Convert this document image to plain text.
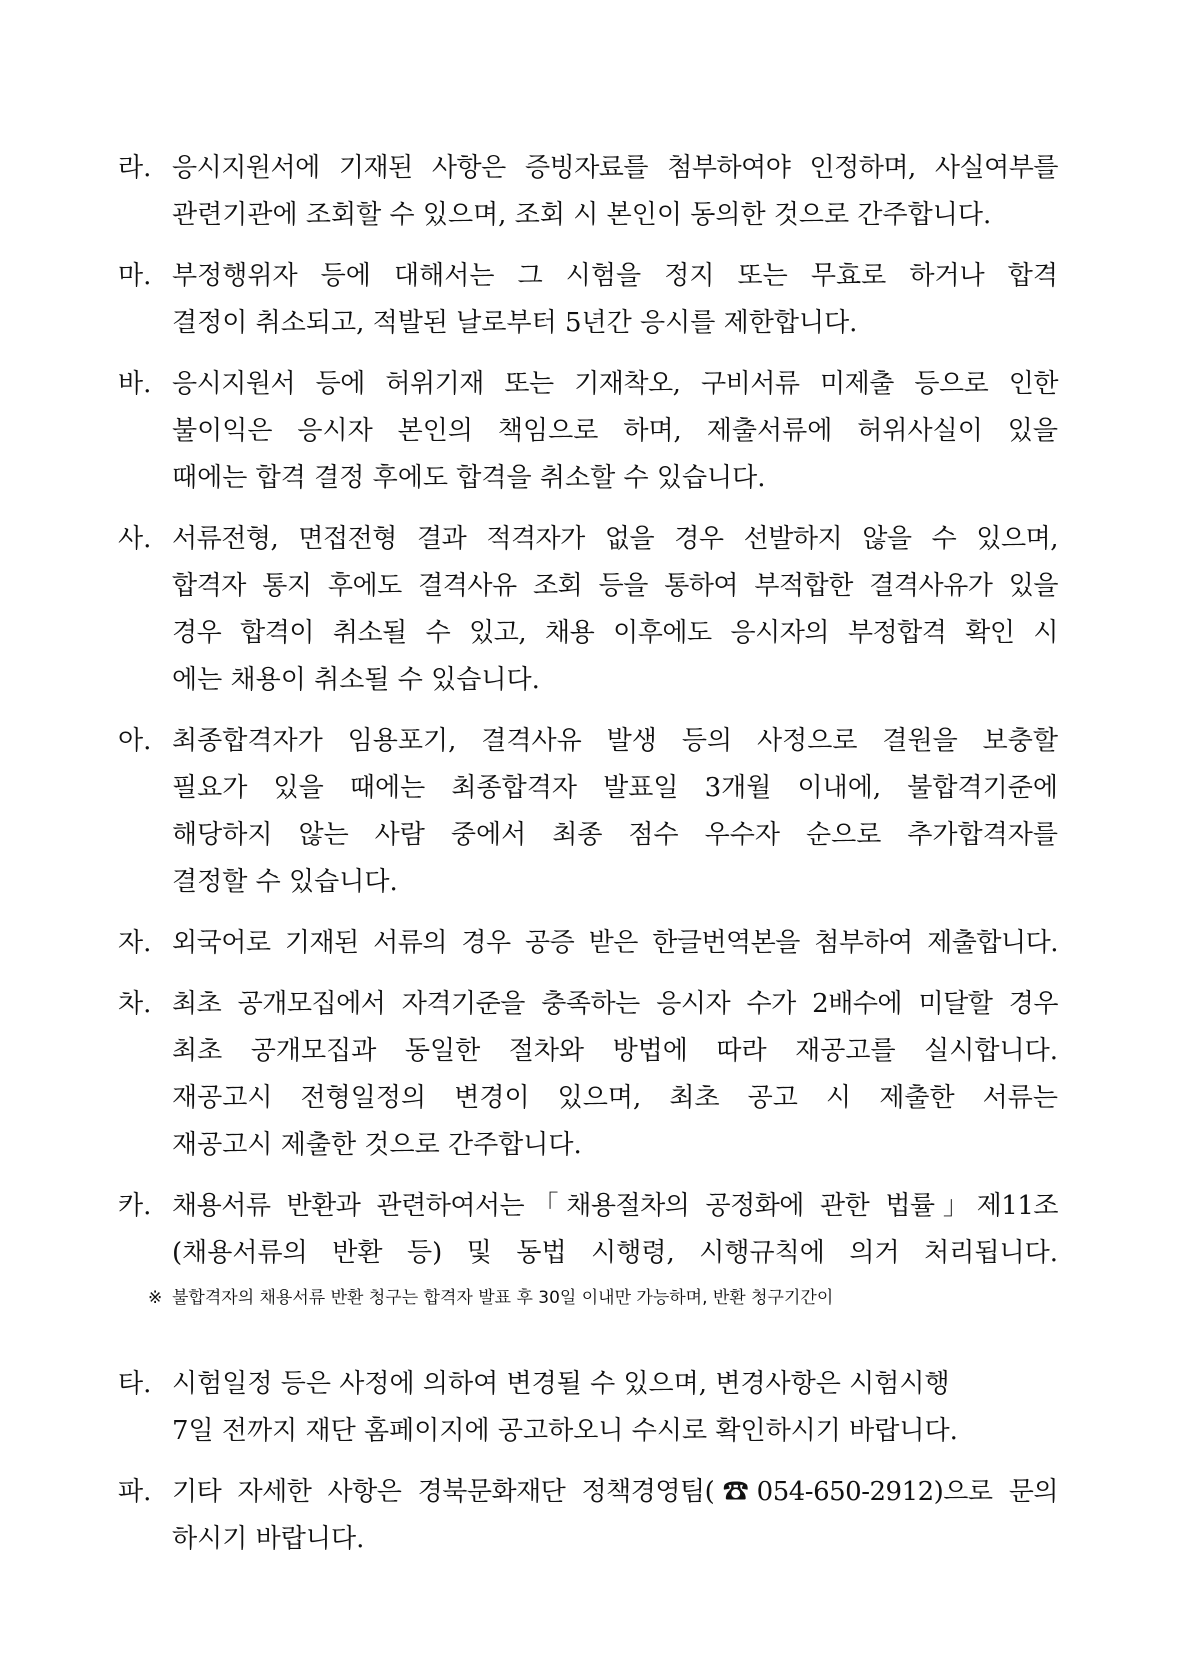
라. 응시지원서에 기재된 사항은 증빙자료를 첨부하여야 인정하며, 사실여부를
관련기관에 조회할 수 있으며, 조회 시 본인이 동의한 것으로 간주합니다.
마. 부정행위자 등에 대해서는 그 시험을 정지 또는 무효로 하거나 합격
결정이 취소되고, 적발된 날로부터 5년간 응시를 제한합니다.
바. 응시지원서 등에 허위기재 또는 기재착오, 구비서류 미제출 등으로 인한
불이익은 응시자 본인의 책임으로 하며, 제출서류에 허위사실이 있을
때에는 합격 결정 후에도 합격을 취소할 수 있습니다.
사. 서류전형, 면접전형 결과 적격자가 없을 경우 선발하지 않을 수 있으며,
합격자 통지 후에도 결격사유 조회 등을 통하여 부적합한 결격사유가 있을
경우 합격이 취소될 수 있고, 채용 이후에도 응시자의 부정합격 확인 시
에는 채용이 취소될 수 있습니다.
아. 최종합격자가 임용포기, 결격사유 발생 등의 사정으로 결원을 보충할
필요가 있을 때에는 최종합격자 발표일 3개월 이내에, 불합격기준에
해당하지 않는 사람 중에서 최종 점수 우수자 순으로 추가합격자를
결정할 수 있습니다.
자. 외국어로 기재된 서류의 경우 공증 받은 한글번역본을 첨부하여 제출합니다.
차. 최초 공개모집에서 자격기준을 충족하는 응시자 수가 2배수에 미달할 경우
최초 공개모집과 동일한 절차와 방법에 따라 재공고를 실시합니다.
재공고시 전형일정의 변경이 있으며, 최초 공고 시 제출한 서류는
재공고시 제출한 것으로 간주합니다.
카. 채용서류 반환과 관련하여서는「채용절차의 공정화에 관한 법률」제11조
(채용서류의 반환 등) 및 동법 시행령, 시행규칙에 의거 처리됩니다.
※ 불합격자의 채용서류 반환 청구는 합격자 발표 후 30일 이내만 가능하며, 반환 청구기간이
타. 시험일정 등은 사정에 의하여 변경될 수 있으며, 변경사항은 시험시행
7일 전까지 재단 홈페이지에 공고하오니 수시로 확인하시기 바랍니다.
파. 기타 자세한 사항은 경북문화재단 정책경영팀(☎054-650-2912)으로 문의
하시기 바랍니다.
